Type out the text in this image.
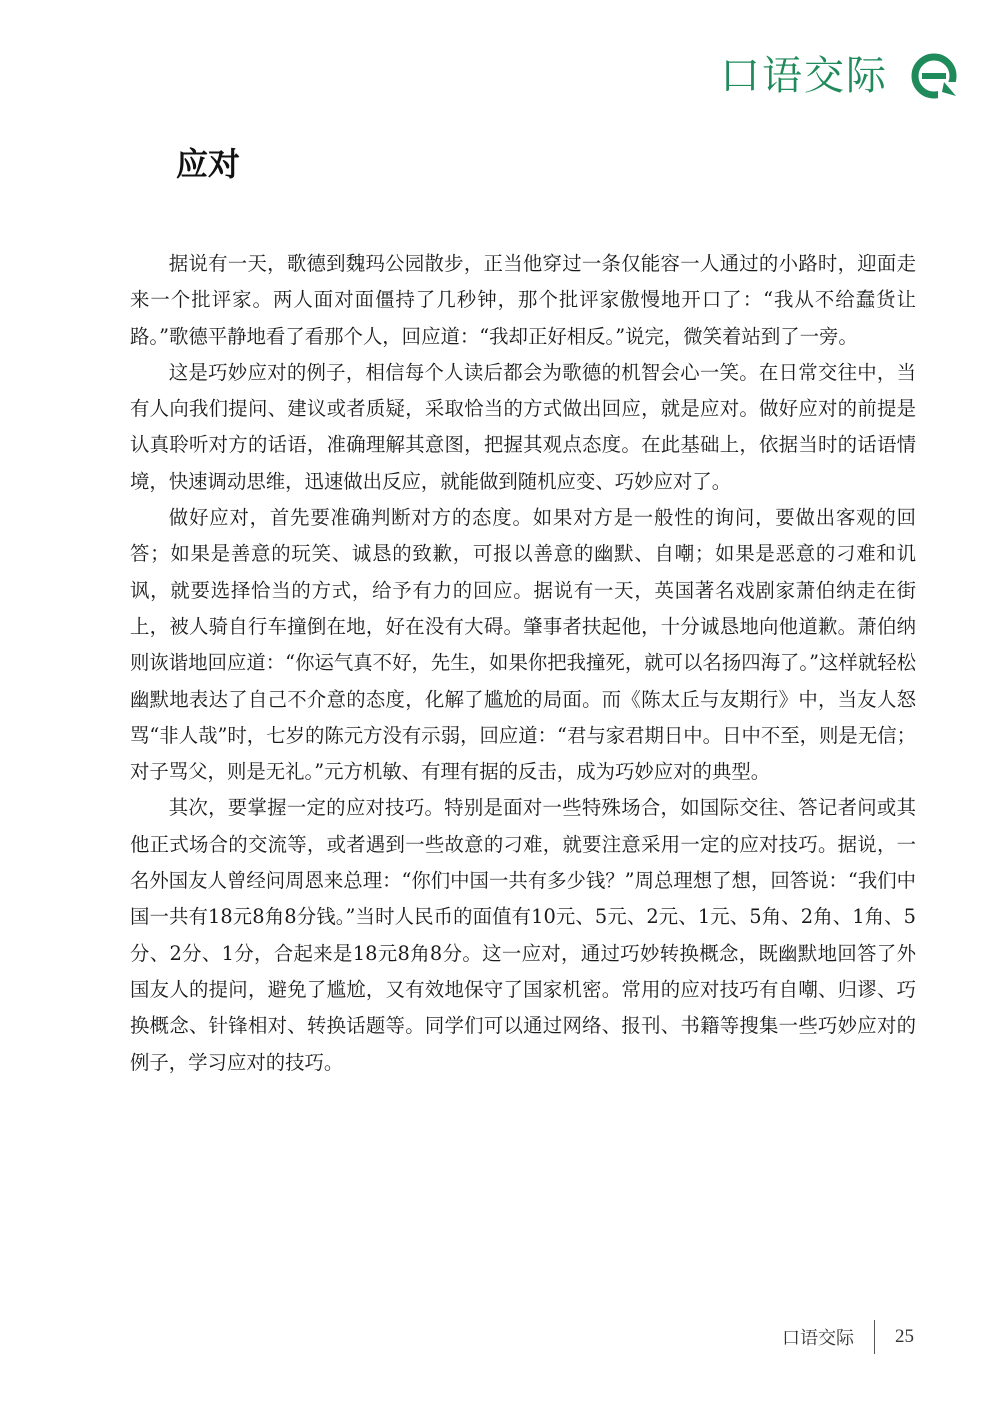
口语交际
应对

据说有一天，歌德到魏玛公园散步，正当他穿过一条仅能容一人通过的小路时，迎面走来一个批评家。两人面对面僵持了几秒钟，那个批评家傲慢地开口了：“我从不给蠢货让路。”歌德平静地看了看那个人，回应道：“我却正好相反。”说完，微笑着站到了一旁。

这是巧妙应对的例子，相信每个人读后都会为歌德的机智会心一笑。在日常交往中，当有人向我们提问、建议或者质疑，采取恰当的方式做出回应，就是应对。做好应对的前提是认真聆听对方的话语，准确理解其意图，把握其观点态度。在此基础上，依据当时的话语情境，快速调动思维，迅速做出反应，就能做到随机应变、巧妙应对了。

做好应对，首先要准确判断对方的态度。如果对方是一般性的询问，要做出客观的回答；如果是善意的玩笑、诚恳的致歉，可报以善意的幽默、自嘲；如果是恶意的刁难和讥讽，就要选择恰当的方式，给予有力的回应。据说有一天，英国著名戏剧家萧伯纳走在街上，被人骑自行车撞倒在地，好在没有大碍。肇事者扶起他，十分诚恳地向他道歉。萧伯纳则诙谐地回应道：“你运气真不好，先生，如果你把我撞死，就可以名扬四海了。”这样就轻松幽默地表达了自己不介意的态度，化解了尴尬的局面。而《陈太丘与友期行》中，当友人怒骂“非人哉”时，七岁的陈元方没有示弱，回应道：“君与家君期日中。日中不至，则是无信；对子骂父，则是无礼。”元方机敏、有理有据的反击，成为巧妙应对的典型。

其次，要掌握一定的应对技巧。特别是面对一些特殊场合，如国际交往、答记者问或其他正式场合的交流等，或者遇到一些故意的刁难，就要注意采用一定的应对技巧。据说，一名外国友人曾经问周恩来总理：“你们中国一共有多少钱？”周总理想了想，回答说：“我们中国一共有18元8角8分钱。”当时人民币的面值有10元、5元、2元、1元、5角、2角、1角、5分、2分、1分，合起来是18元8角8分。这一应对，通过巧妙转换概念，既幽默地回答了外国友人的提问，避免了尴尬，又有效地保守了国家机密。常用的应对技巧有自嘲、归谬、巧换概念、针锋相对、转换话题等。同学们可以通过网络、报刊、书籍等搜集一些巧妙应对的例子，学习应对的技巧。

口语交际 25
